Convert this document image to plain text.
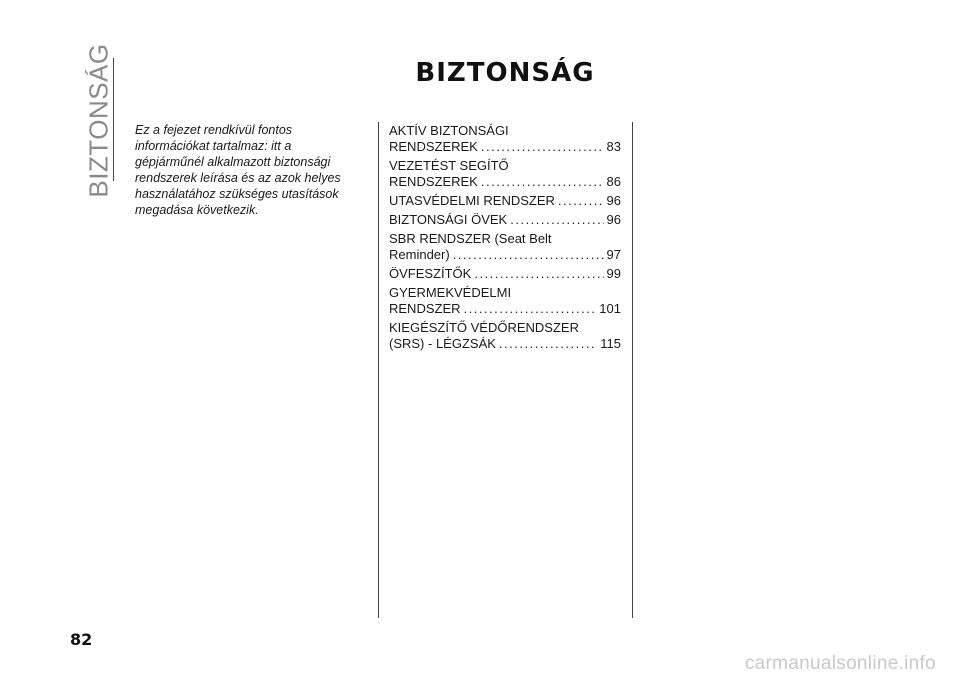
BIZTONSÁG	BIZTONSÁG
Ez a fejezet rendkívül fontos információkat tartalmaz: itt a gépjárműnél alkalmazott biztonsági rendszerek leírása és az azok helyes használatához szükséges utasítások megadása következik.
AKTÍV BIZTONSÁGI
RENDSZEREK .....	83
VEZETÉST SEGÍTŐ
RENDSZEREK .....	86
UTASVÉDELMI RENDSZER .....	96
BIZTONSÁGI ÖVEK .....	96
SBR RENDSZER (Seat Belt
Reminder) .....	97
ÖVFESZÍTŐK .....	99
GYERMEKVÉDELMI
RENDSZER .....	101
KIEGÉSZÍTŐ VÉDŐRENDSZER
(SRS) - LÉGZSÁK .....	115
82
carmanualsonline.info
